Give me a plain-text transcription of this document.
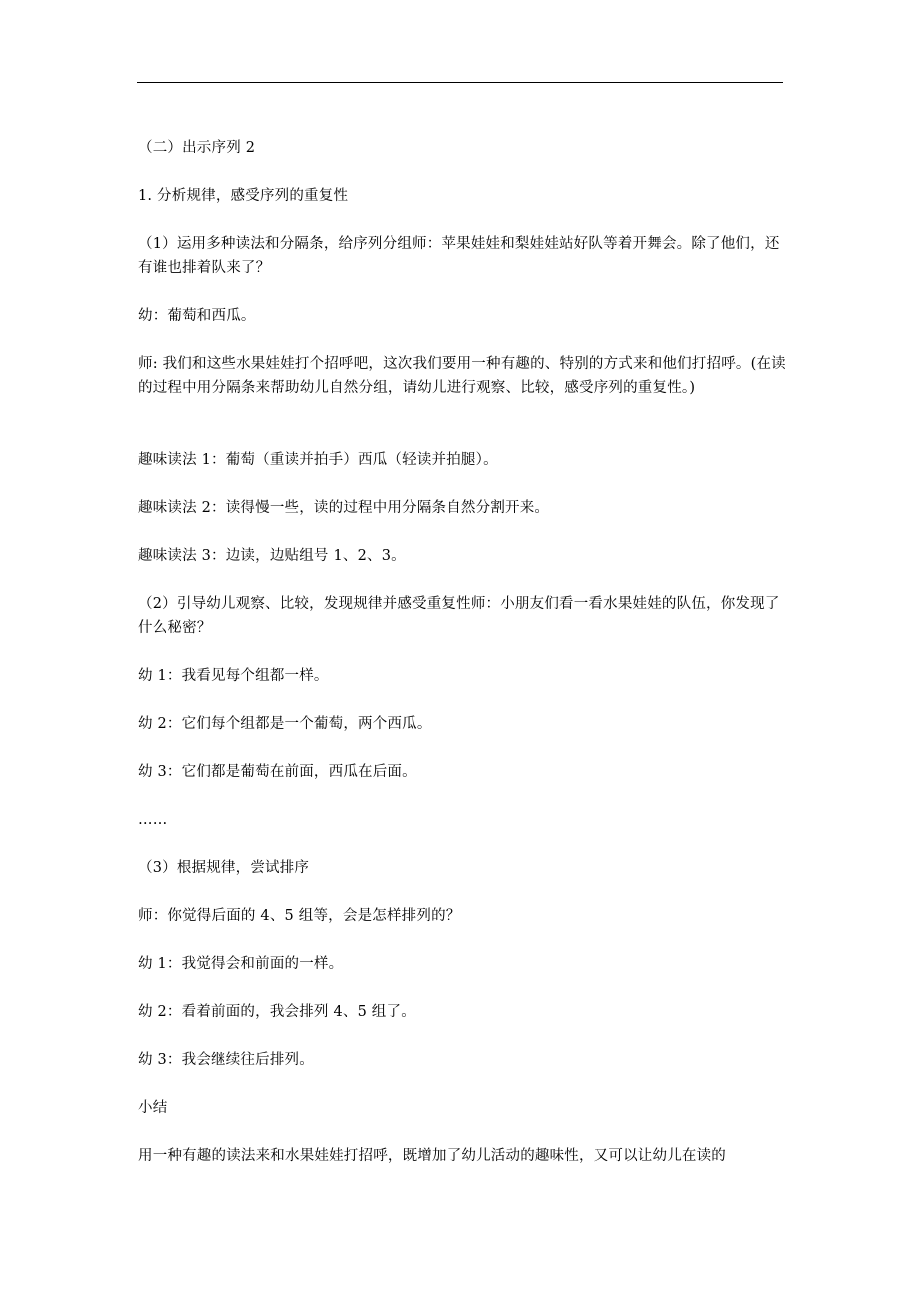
（二）出示序列 2

1. 分析规律，感受序列的重复性

（1）运用多种读法和分隔条，给序列分组师：苹果娃娃和梨娃娃站好队等着开舞会。除了他们，还有谁也排着队来了？

幼：葡萄和西瓜。

师: 我们和这些水果娃娃打个招呼吧，这次我们要用一种有趣的、特别的方式来和他们打招呼。(在读的过程中用分隔条来帮助幼儿自然分组，请幼儿进行观察、比较，感受序列的重复性。)

趣味读法 1：葡萄（重读并拍手）西瓜（轻读并拍腿）。

趣味读法 2：读得慢一些，读的过程中用分隔条自然分割开来。

趣味读法 3：边读，边贴组号 1、2、3。

（2）引导幼儿观察、比较，发现规律并感受重复性师：小朋友们看一看水果娃娃的队伍，你发现了什么秘密？

幼 1：我看见每个组都一样。

幼 2：它们每个组都是一个葡萄，两个西瓜。

幼 3：它们都是葡萄在前面，西瓜在后面。

……

（3）根据规律，尝试排序

师：你觉得后面的 4、5 组等，会是怎样排列的？

幼 1：我觉得会和前面的一样。

幼 2：看着前面的，我会排列 4、5 组了。

幼 3：我会继续往后排列。

小结

用一种有趣的读法来和水果娃娃打招呼，既增加了幼儿活动的趣味性，又可以让幼儿在读的
